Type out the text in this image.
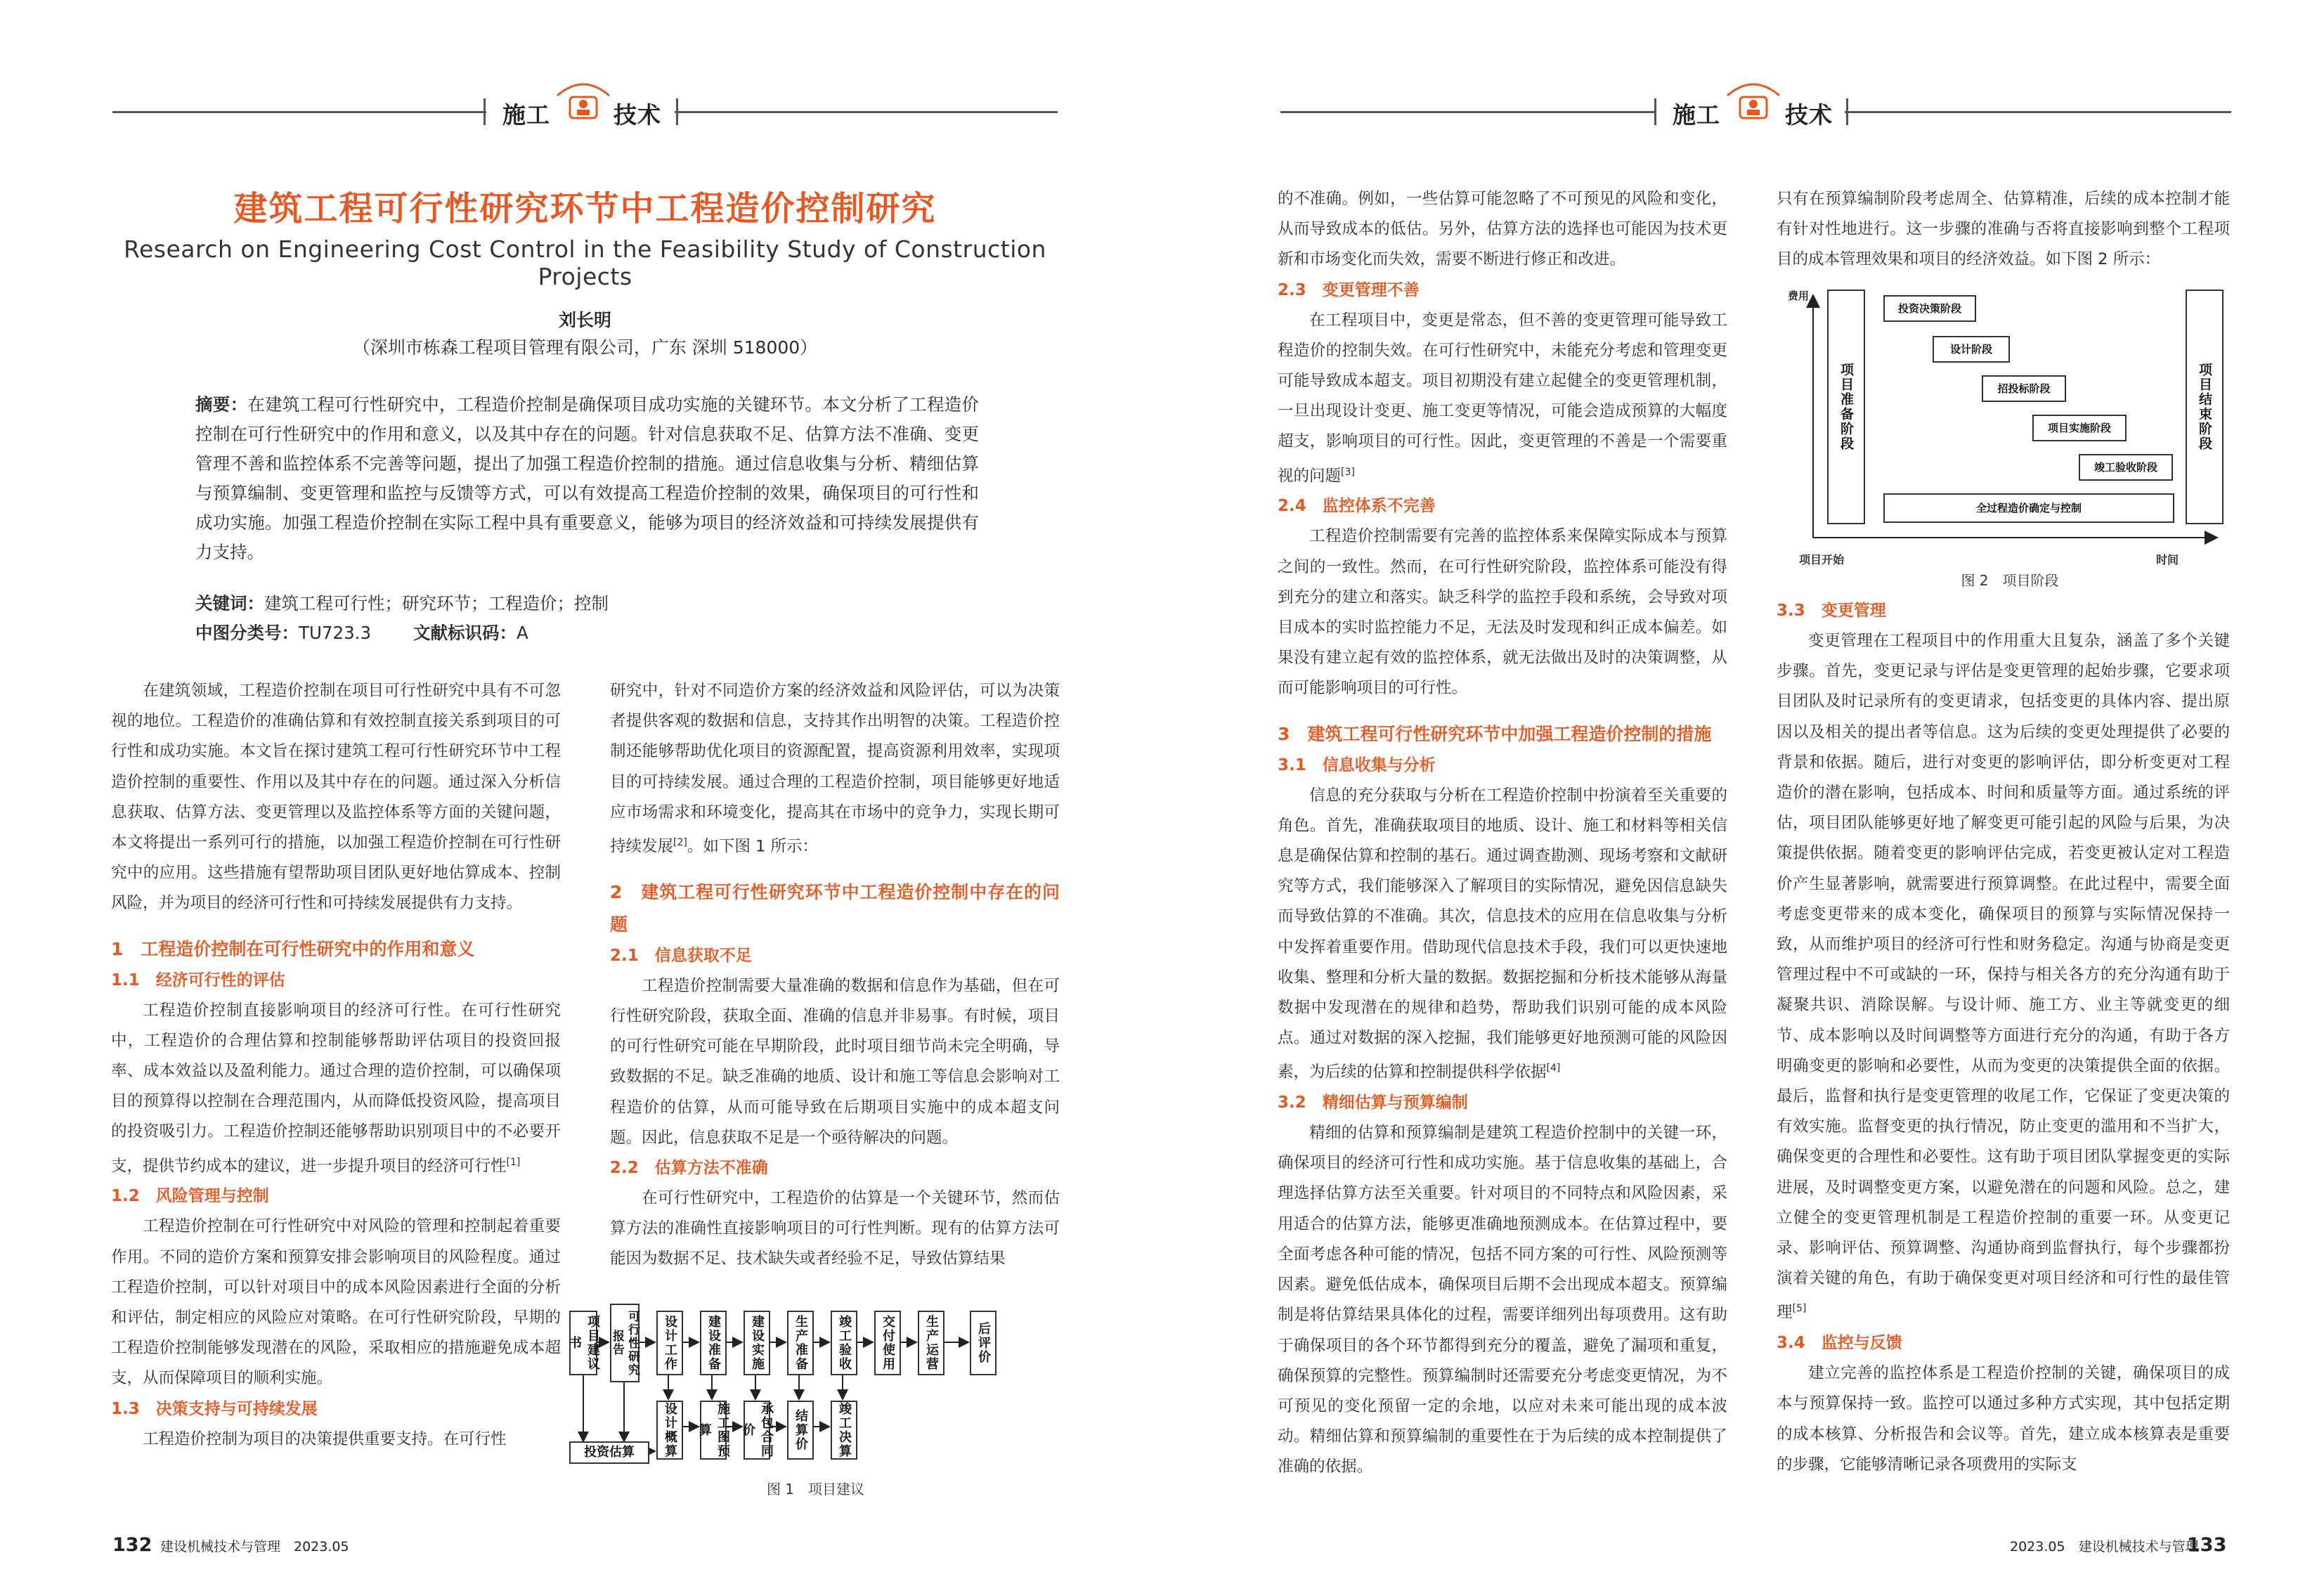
施工	技术	施工	技术
建筑工程可行性研究环节中工程造价控制研究
Research on Engineering Cost Control in the Feasibility Study of Construction Projects
刘长明
（深圳市栋森工程项目管理有限公司，广东 深圳 518000）
摘要：在建筑工程可行性研究中，工程造价控制是确保项目成功实施的关键环节。本文分析了工程造价控制在可行性研究中的作用和意义，以及其中存在的问题。针对信息获取不足、估算方法不准确、变更管理不善和监控体系不完善等问题，提出了加强工程造价控制的措施。通过信息收集与分析、精细估算与预算编制、变更管理和监控与反馈等方式，可以有效提高工程造价控制的效果，确保项目的可行性和成功实施。加强工程造价控制在实际工程中具有重要意义，能够为项目的经济效益和可持续发展提供有力支持。
关键词：建筑工程可行性；研究环节；工程造价；控制
中图分类号：TU723.3 文献标识码：A

在建筑领域，工程造价控制在项目可行性研究中具有不可忽视的地位。工程造价的准确估算和有效控制直接关系到项目的可行性和成功实施。本文旨在探讨建筑工程可行性研究环节中工程造价控制的重要性、作用以及其中存在的问题。通过深入分析信息获取、估算方法、变更管理以及监控体系等方面的关键问题，本文将提出一系列可行的措施，以加强工程造价控制在可行性研究中的应用。这些措施有望帮助项目团队更好地估算成本、控制风险，并为项目的经济可行性和可持续发展提供有力支持。

1　工程造价控制在可行性研究中的作用和意义
1.1　经济可行性的评估

工程造价控制直接影响项目的经济可行性。在可行性研究中，工程造价的合理估算和控制能够帮助评估项目的投资回报率、成本效益以及盈利能力。通过合理的造价控制，可以确保项目的预算得以控制在合理范围内，从而降低投资风险，提高项目的投资吸引力。工程造价控制还能够帮助识别项目中的不必要开支，提供节约成本的建议，进一步提升项目的经济可行性[1]

1.2　风险管理与控制

工程造价控制在可行性研究中对风险的管理和控制起着重要作用。不同的造价方案和预算安排会影响项目的风险程度。通过工程造价控制，可以针对项目中的成本风险因素进行全面的分析和评估，制定相应的风险应对策略。在可行性研究阶段，早期的工程造价控制能够发现潜在的风险，采取相应的措施避免成本超支，从而保障项目的顺利实施。

1.3　决策支持与可持续发展

工程造价控制为项目的决策提供重要支持。在可行性

研究中，针对不同造价方案的经济效益和风险评估，可以为决策者提供客观的数据和信息，支持其作出明智的决策。工程造价控制还能够帮助优化项目的资源配置，提高资源利用效率，实现项目的可持续发展。通过合理的工程造价控制，项目能够更好地适应市场需求和环境变化，提高其在市场中的竞争力，实现长期可持续发展[2]。如下图 1 所示：

2　建筑工程可行性研究环节中工程造价控制中存在的问题
2.1　信息获取不足

工程造价控制需要大量准确的数据和信息作为基础，但在可行性研究阶段，获取全面、准确的信息并非易事。有时候，项目的可行性研究可能在早期阶段，此时项目细节尚未完全明确，导致数据的不足。缺乏准确的地质、设计和施工等信息会影响对工程造价的估算，从而可能导致在后期项目实施中的成本超支问题。因此，信息获取不足是一个亟待解决的问题。

2.2　估算方法不准确

在可行性研究中，工程造价的估算是一个关键环节，然而估算方法的准确性直接影响项目的可行性判断。现有的估算方法可能因为数据不足、技术缺失或者经验不足，导致估算结果

项目建议书	可行性研究报告	设计工作	建设准备	建设实施	生产准备	竣工验收	交付使用	生产运营	后评价
投资估算	设计概算	施工图预算	承包合同价	结算价	竣工决算
图 1　项目建议

的不准确。例如，一些估算可能忽略了不可预见的风险和变化，从而导致成本的低估。另外，估算方法的选择也可能因为技术更新和市场变化而失效，需要不断进行修正和改进。

2.3　变更管理不善

在工程项目中，变更是常态，但不善的变更管理可能导致工程造价的控制失效。在可行性研究中，未能充分考虑和管理变更可能导致成本超支。项目初期没有建立起健全的变更管理机制，一旦出现设计变更、施工变更等情况，可能会造成预算的大幅度超支，影响项目的可行性。因此，变更管理的不善是一个需要重视的问题[3]

2.4　监控体系不完善

工程造价控制需要有完善的监控体系来保障实际成本与预算之间的一致性。然而，在可行性研究阶段，监控体系可能没有得到充分的建立和落实。缺乏科学的监控手段和系统，会导致对项目成本的实时监控能力不足，无法及时发现和纠正成本偏差。如果没有建立起有效的监控体系，就无法做出及时的决策调整，从而可能影响项目的可行性。

3　建筑工程可行性研究环节中加强工程造价控制的措施
3.1　信息收集与分析

信息的充分获取与分析在工程造价控制中扮演着至关重要的角色。首先，准确获取项目的地质、设计、施工和材料等相关信息是确保估算和控制的基石。通过调查勘测、现场考察和文献研究等方式，我们能够深入了解项目的实际情况，避免因信息缺失而导致估算的不准确。其次，信息技术的应用在信息收集与分析中发挥着重要作用。借助现代信息技术手段，我们可以更快速地收集、整理和分析大量的数据。数据挖掘和分析技术能够从海量数据中发现潜在的规律和趋势，帮助我们识别可能的成本风险点。通过对数据的深入挖掘，我们能够更好地预测可能的风险因素，为后续的估算和控制提供科学依据[4]

3.2　精细估算与预算编制

精细的估算和预算编制是建筑工程造价控制中的关键一环，确保项目的经济可行性和成功实施。基于信息收集的基础上，合理选择估算方法至关重要。针对项目的不同特点和风险因素，采用适合的估算方法，能够更准确地预测成本。在估算过程中，要全面考虑各种可能的情况，包括不同方案的可行性、风险预测等因素。避免低估成本，确保项目后期不会出现成本超支。预算编制是将估算结果具体化的过程，需要详细列出每项费用。这有助于确保项目的各个环节都得到充分的覆盖，避免了漏项和重复，确保预算的完整性。预算编制时还需要充分考虑变更情况，为不可预见的变化预留一定的余地，以应对未来可能出现的成本波动。精细估算和预算编制的重要性在于为后续的成本控制提供了准确的依据。

只有在预算编制阶段考虑周全、估算精准，后续的成本控制才能有针对性地进行。这一步骤的准确与否将直接影响到整个工程项目的成本管理效果和项目的经济效益。如下图 2 所示：

费用
项目开始	时间
项目准备阶段	项目结束阶段
投资决策阶段
设计阶段
招投标阶段
项目实施阶段
竣工验收阶段
全过程造价确定与控制
图 2　项目阶段
3.3　变更管理

变更管理在工程项目中的作用重大且复杂，涵盖了多个关键步骤。首先，变更记录与评估是变更管理的起始步骤，它要求项目团队及时记录所有的变更请求，包括变更的具体内容、提出原因以及相关的提出者等信息。这为后续的变更处理提供了必要的背景和依据。随后，进行对变更的影响评估，即分析变更对工程造价的潜在影响，包括成本、时间和质量等方面。通过系统的评估，项目团队能够更好地了解变更可能引起的风险与后果，为决策提供依据。随着变更的影响评估完成，若变更被认定对工程造价产生显著影响，就需要进行预算调整。在此过程中，需要全面考虑变更带来的成本变化，确保项目的预算与实际情况保持一致，从而维护项目的经济可行性和财务稳定。沟通与协商是变更管理过程中不可或缺的一环，保持与相关各方的充分沟通有助于凝聚共识、消除误解。与设计师、施工方、业主等就变更的细节、成本影响以及时间调整等方面进行充分的沟通，有助于各方明确变更的影响和必要性，从而为变更的决策提供全面的依据。最后，监督和执行是变更管理的收尾工作，它保证了变更决策的有效实施。监督变更的执行情况，防止变更的滥用和不当扩大，确保变更的合理性和必要性。这有助于项目团队掌握变更的实际进展，及时调整变更方案，以避免潜在的问题和风险。总之，建立健全的变更管理机制是工程造价控制的重要一环。从变更记录、影响评估、预算调整、沟通协商到监督执行，每个步骤都扮演着关键的角色，有助于确保变更对项目经济和可行性的最佳管理[5]

3.4　监控与反馈

建立完善的监控体系是工程造价控制的关键，确保项目的成本与预算保持一致。监控可以通过多种方式实现，其中包括定期的成本核算、分析报告和会议等。首先，建立成本核算表是重要的步骤，它能够清晰记录各项费用的实际支

132 建设机械技术与管理　2023.05	2023.05　建设机械技术与管理
133
